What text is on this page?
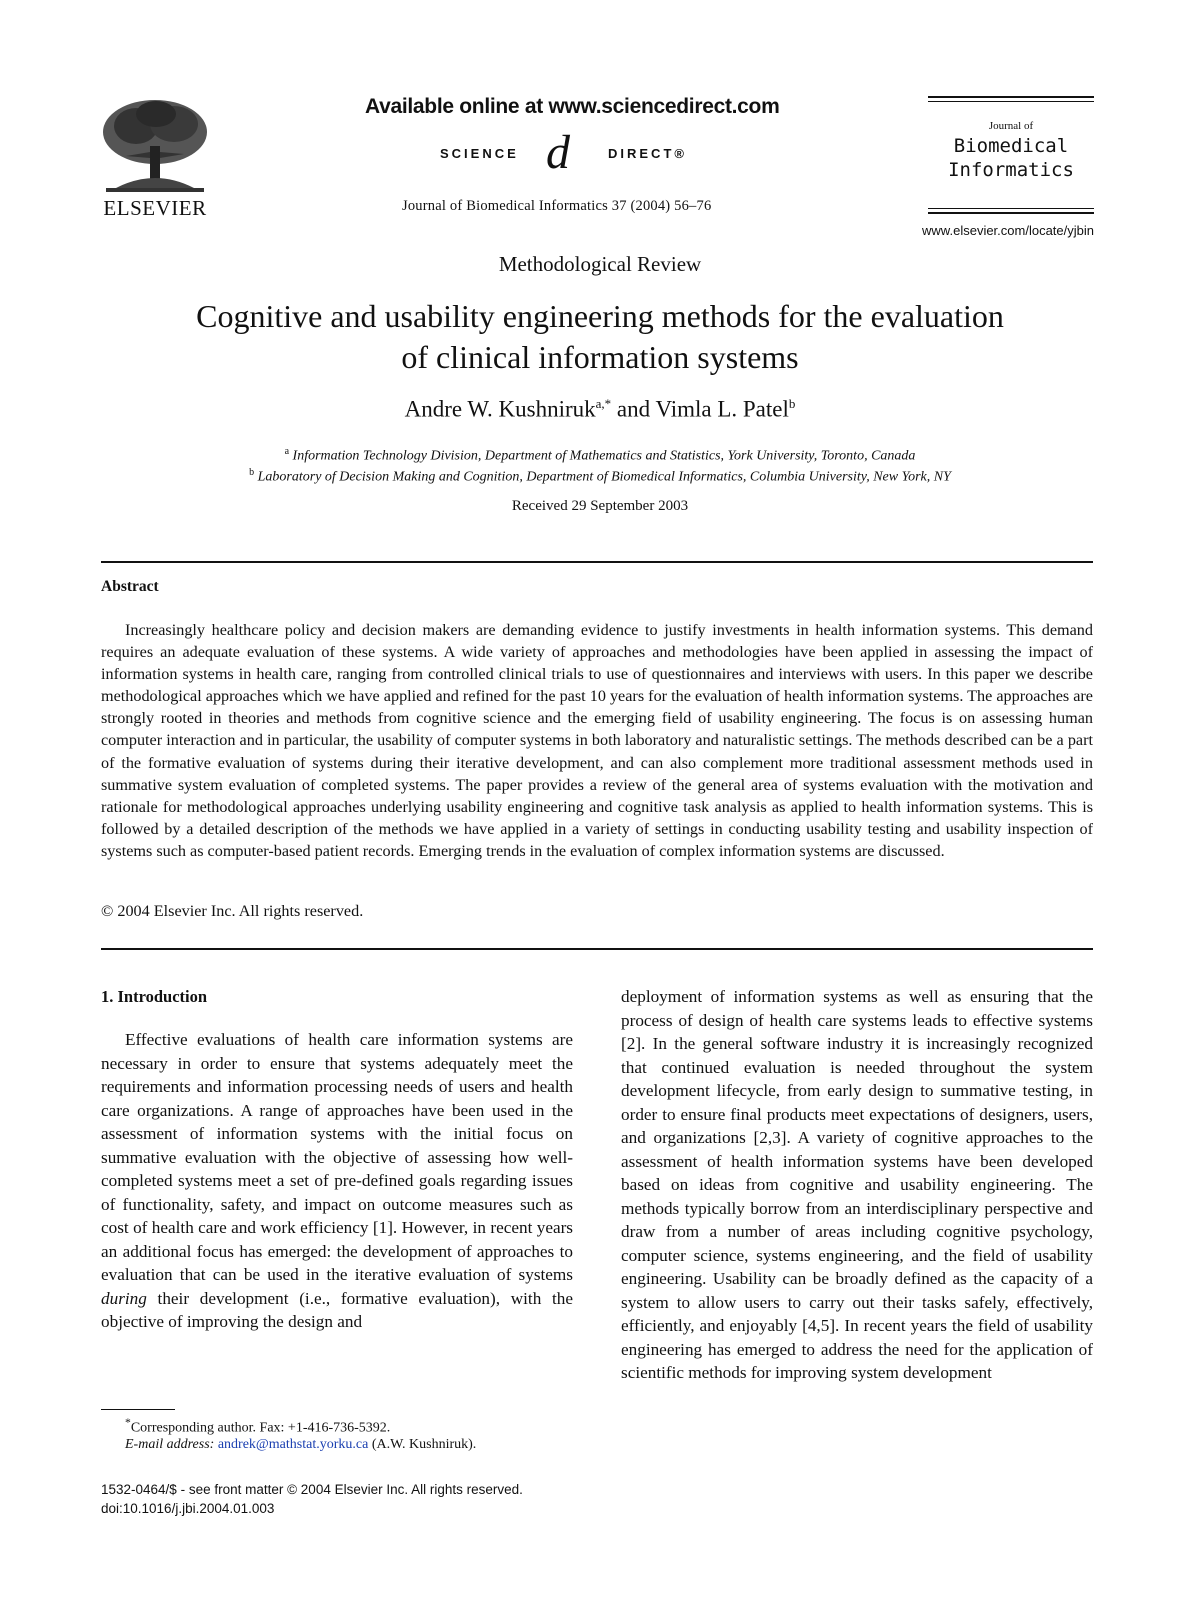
ELSEVIER
Available online at www.sciencedirect.com
SCIENCE d	DIRECT®
Journal of Biomedical Informatics 37 (2004) 56–76
Journal of
Biomedical
Informatics
www.elsevier.com/locate/yjbin
Methodological Review
Cognitive and usability engineering methods for the evaluation
of clinical information systems
Andre W. Kushniruk$^{a,*}$ and Vimla L. Patel$^b$
$^a$ Information Technology Division, Department of Mathematics and Statistics, York University, Toronto, Canada
$^b$ Laboratory of Decision Making and Cognition, Department of Biomedical Informatics, Columbia University, New York, NY
Received 29 September 2003
Abstract
Increasingly healthcare policy and decision makers are demanding evidence to justify investments in health information systems. This demand requires an adequate evaluation of these systems. A wide variety of approaches and methodologies have been applied in assessing the impact of information systems in health care, ranging from controlled clinical trials to use of questionnaires and interviews with users. In this paper we describe methodological approaches which we have applied and refined for the past 10 years for the evaluation of health information systems. The approaches are strongly rooted in theories and methods from cognitive science and the emerging field of usability engineering. The focus is on assessing human computer interaction and in particular, the usability of computer systems in both laboratory and naturalistic settings. The methods described can be a part of the formative evaluation of systems during their iterative development, and can also complement more traditional assessment methods used in summative system evaluation of completed systems. The paper provides a review of the general area of systems evaluation with the motivation and rationale for methodological approaches underlying usability engineering and cognitive task analysis as applied to health information systems. This is followed by a detailed description of the methods we have applied in a variety of settings in conducting usability testing and usability inspection of systems such as computer-based patient records. Emerging trends in the evaluation of complex information systems are discussed.
© 2004 Elsevier Inc. All rights reserved.
1. Introduction
Effective evaluations of health care information systems are necessary in order to ensure that systems adequately meet the requirements and information processing needs of users and health care organizations. A range of approaches have been used in the assessment of information systems with the initial focus on summative evaluation with the objective of assessing how well-completed systems meet a set of pre-defined goals regarding issues of functionality, safety, and impact on outcome measures such as cost of health care and work efficiency [1]. However, in recent years an additional focus has emerged: the development of approaches to evaluation that can be used in the iterative evaluation of systems during their development (i.e., formative evaluation), with the objective of improving the design and
deployment of information systems as well as ensuring that the process of design of health care systems leads to effective systems [2]. In the general software industry it is increasingly recognized that continued evaluation is needed throughout the system development lifecycle, from early design to summative testing, in order to ensure final products meet expectations of designers, users, and organizations [2,3]. A variety of cognitive approaches to the assessment of health information systems have been developed based on ideas from cognitive and usability engineering. The methods typically borrow from an interdisciplinary perspective and draw from a number of areas including cognitive psychology, computer science, systems engineering, and the field of usability engineering. Usability can be broadly defined as the capacity of a system to allow users to carry out their tasks safely, effectively, efficiently, and enjoyably [4,5]. In recent years the field of usability engineering has emerged to address the need for the application of scientific methods for improving system development
*Corresponding author. Fax: +1-416-736-5392.
E-mail address: andrek@mathstat.yorku.ca (A.W. Kushniruk).
1532-0464/$ - see front matter © 2004 Elsevier Inc. All rights reserved.
doi:10.1016/j.jbi.2004.01.003
